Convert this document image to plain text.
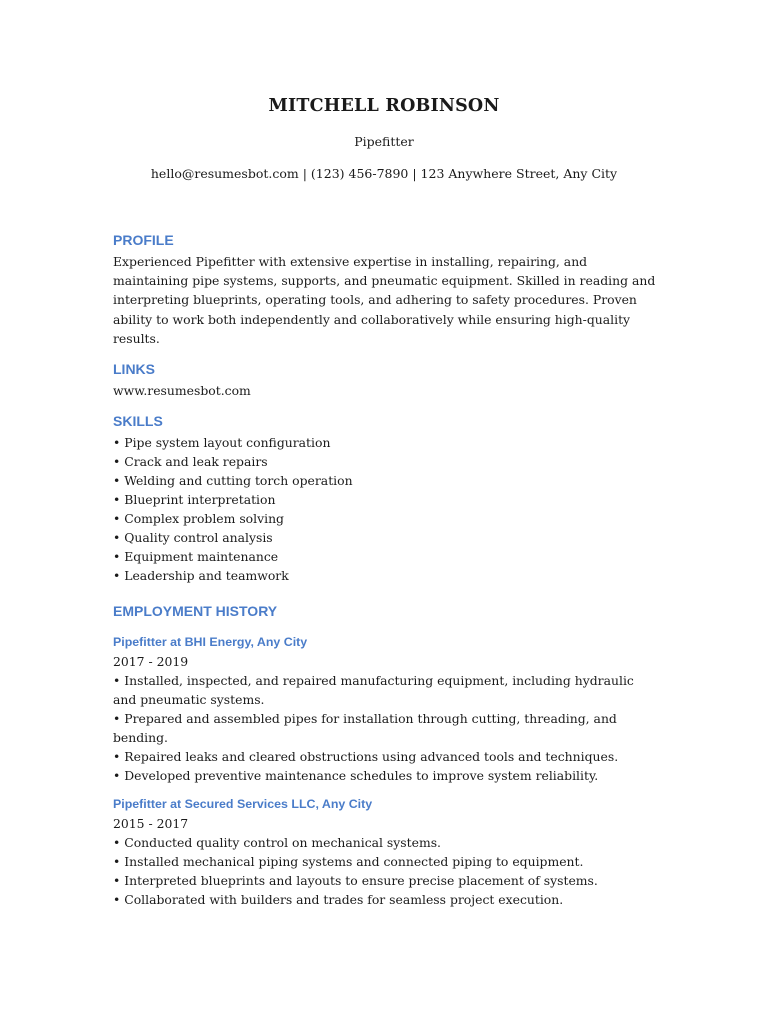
MITCHELL ROBINSON
Pipefitter
hello@resumesbot.com | (123) 456-7890 | 123 Anywhere Street, Any City
PROFILE

Experienced Pipefitter with extensive expertise in installing, repairing, and maintaining pipe systems, supports, and pneumatic equipment. Skilled in reading and interpreting blueprints, operating tools, and adhering to safety procedures. Proven ability to work both independently and collaboratively while ensuring high-quality results.

LINKS

www.resumesbot.com

SKILLS
• Pipe system layout configuration
• Crack and leak repairs
• Welding and cutting torch operation
• Blueprint interpretation
• Complex problem solving
• Quality control analysis
• Equipment maintenance
• Leadership and teamwork
EMPLOYMENT HISTORY
Pipefitter at BHI Energy, Any City

2017 - 2019

• Installed, inspected, and repaired manufacturing equipment, including hydraulic and pneumatic systems.
• Prepared and assembled pipes for installation through cutting, threading, and bending.
• Repaired leaks and cleared obstructions using advanced tools and techniques.
• Developed preventive maintenance schedules to improve system reliability.
Pipefitter at Secured Services LLC, Any City

2015 - 2017

• Conducted quality control on mechanical systems.
• Installed mechanical piping systems and connected piping to equipment.
• Interpreted blueprints and layouts to ensure precise placement of systems.
• Collaborated with builders and trades for seamless project execution.
